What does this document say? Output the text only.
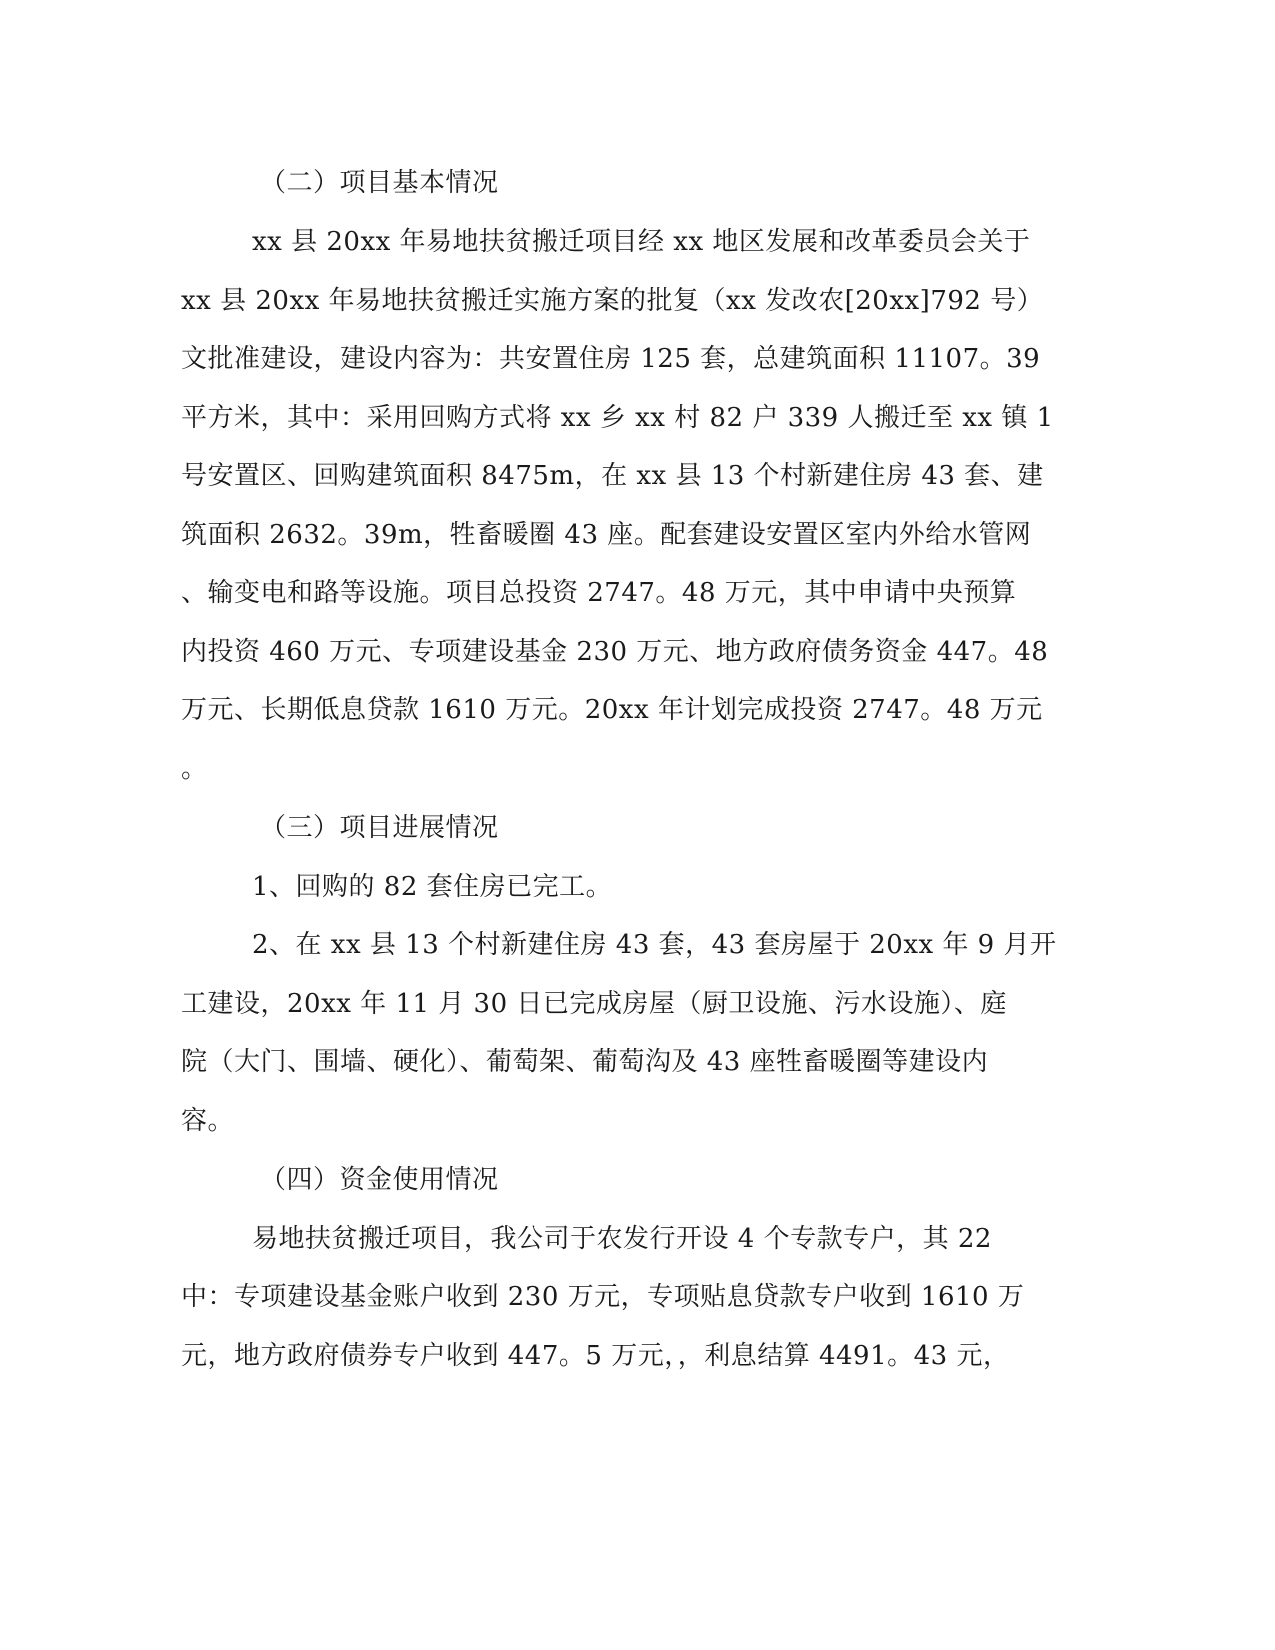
（二）项目基本情况
xx 县 20xx 年易地扶贫搬迁项目经 xx 地区发展和改革委员会关于
xx 县 20xx 年易地扶贫搬迁实施方案的批复（xx 发改农[20xx]792 号）
文批准建设，建设内容为：共安置住房 125 套，总建筑面积 11107。39
平方米，其中：采用回购方式将 xx 乡 xx 村 82 户 339 人搬迁至 xx 镇 1
号安置区、回购建筑面积 8475m，在 xx 县 13 个村新建住房 43 套、建
筑面积 2632。39m，牲畜暖圈 43 座。配套建设安置区室内外给水管网
、输变电和路等设施。项目总投资 2747。48 万元，其中申请中央预算
内投资 460 万元、专项建设基金 230 万元、地方政府债务资金 447。48
万元、长期低息贷款 1610 万元。20xx 年计划完成投资 2747。48 万元
。
（三）项目进展情况
1、回购的 82 套住房已完工。
2、在 xx 县 13 个村新建住房 43 套，43 套房屋于 20xx 年 9 月开
工建设，20xx 年 11 月 30 日已完成房屋（厨卫设施、污水设施）、庭
院（大门、围墙、硬化）、葡萄架、葡萄沟及 43 座牲畜暖圈等建设内
容。
（四）资金使用情况
易地扶贫搬迁项目，我公司于农发行开设 4 个专款专户，其 22
中：专项建设基金账户收到 230 万元，专项贴息贷款专户收到 1610 万
元，地方政府债券专户收到 447。5 万元，，利息结算 4491。43 元，
